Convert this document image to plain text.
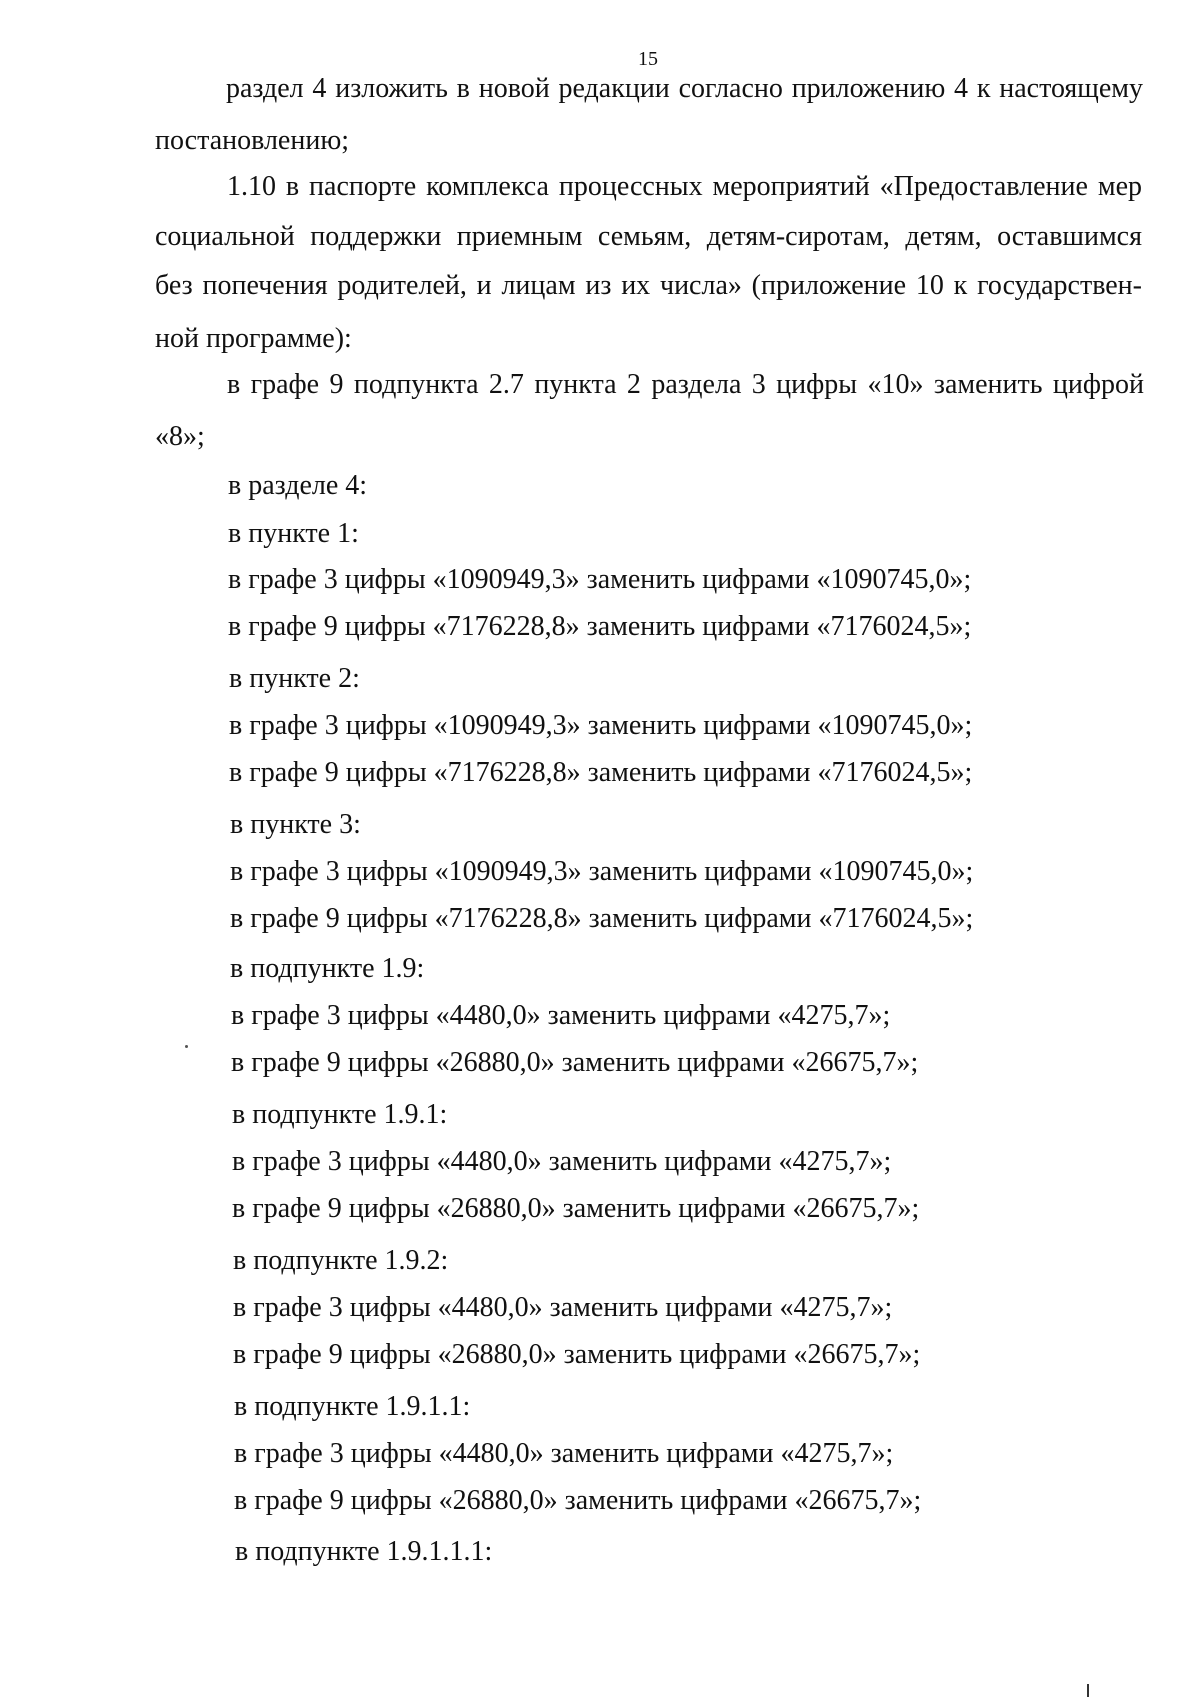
15

раздел 4 изложить в новой редакции согласно приложению 4 к настоящему

постановлению;

1.10 в паспорте комплекса процессных мероприятий «Предоставление мер

социальной поддержки приемным семьям, детям-сиротам, детям, оставшимся

без попечения родителей, и лицам из их числа» (приложение 10 к государствен-

ной программе):

в графе 9 подпункта 2.7 пункта 2 раздела 3 цифры «10» заменить цифрой

«8»;

в разделе 4:

в пункте 1:

в графе 3 цифры «1090949,3» заменить цифрами «1090745,0»;

в графе 9 цифры «7176228,8» заменить цифрами «7176024,5»;

в пункте 2:

в графе 3 цифры «1090949,3» заменить цифрами «1090745,0»;

в графе 9 цифры «7176228,8» заменить цифрами «7176024,5»;

в пункте 3:

в графе 3 цифры «1090949,3» заменить цифрами «1090745,0»;

в графе 9 цифры «7176228,8» заменить цифрами «7176024,5»;

в подпункте 1.9:

в графе 3 цифры «4480,0» заменить цифрами «4275,7»;

в графе 9 цифры «26880,0» заменить цифрами «26675,7»;

в подпункте 1.9.1:

в графе 3 цифры «4480,0» заменить цифрами «4275,7»;

в графе 9 цифры «26880,0» заменить цифрами «26675,7»;

в подпункте 1.9.2:

в графе 3 цифры «4480,0» заменить цифрами «4275,7»;

в графе 9 цифры «26880,0» заменить цифрами «26675,7»;

в подпункте 1.9.1.1:

в графе 3 цифры «4480,0» заменить цифрами «4275,7»;

в графе 9 цифры «26880,0» заменить цифрами «26675,7»;

в подпункте 1.9.1.1.1:
